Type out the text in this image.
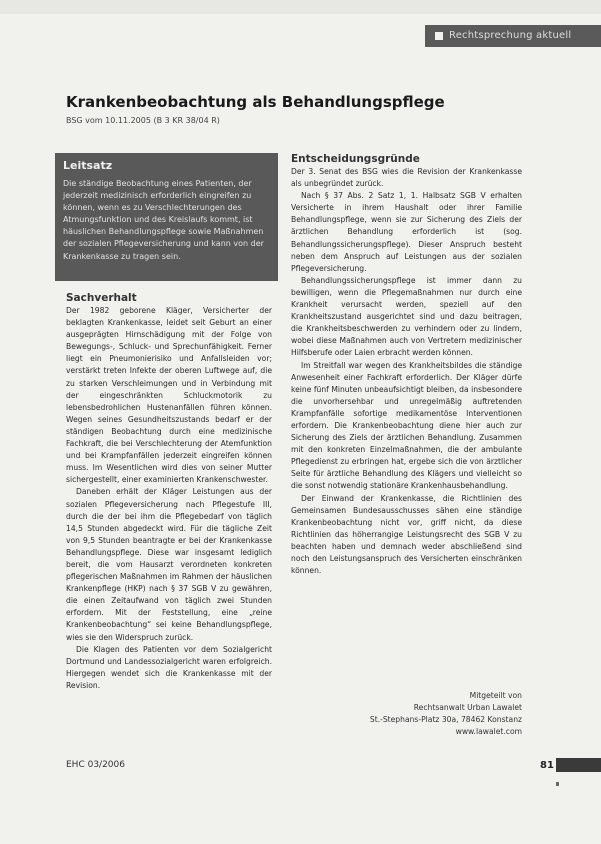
Rechtsprechung aktuell
Krankenbeobachtung als Behandlungspflege
BSG vom 10.11.2005 (B 3 KR 38/04 R)
Leitsatz

Die ständige Beobachtung eines Patienten, der jederzeit medizinisch erforderlich eingreifen zu können, wenn es zu Verschlechterungen des Atmungsfunktion und des Kreislaufs kommt, ist häuslichen Behandlungspflege sowie Maßnahmen der sozialen Pflegeversicherung und kann von der Krankenkasse zu tragen sein.

Sachverhalt

Der 1982 geborene Kläger, Versicherter der beklagten Krankenkasse, leidet seit Geburt an einer ausgeprägten Hirnschädigung mit der Folge von Bewegungs-, Schluck- und Sprechunfähigkeit. Ferner liegt ein Pneumonierisiko und Anfallsleiden vor; verstärkt treten Infekte der oberen Luftwege auf, die zu starken Verschleimungen und in Verbindung mit der eingeschränkten Schluckmotorik zu lebensbedrohlichen Hustenanfällen führen können. Wegen seines Gesundheitszustands bedarf er der ständigen Beobachtung durch eine medizinische Fachkraft, die bei Verschlechterung der Atemfunktion und bei Krampfanfällen jederzeit eingreifen können muss. Im Wesentlichen wird dies von seiner Mutter sichergestellt, einer examinierten Krankenschwester.

Daneben erhält der Kläger Leistungen aus der sozialen Pflegeversicherung nach Pflegestufe III, durch die der bei ihm die Pflegebedarf von täglich 14,5 Stunden abgedeckt wird. Für die tägliche Zeit von 9,5 Stunden beantragte er bei der Krankenkasse Behandlungspflege. Diese war insgesamt lediglich bereit, die vom Hausarzt verordneten konkreten pflegerischen Maßnahmen im Rahmen der häuslichen Krankenpflege (HKP) nach § 37 SGB V zu gewähren, die einen Zeitaufwand von täglich zwei Stunden erfordern. Mit der Feststellung, eine „reine Krankenbeobachtung“ sei keine Behandlungspflege, wies sie den Widerspruch zurück.

Die Klagen des Patienten vor dem Sozialgericht Dortmund und Landessozialgericht waren erfolgreich. Hiergegen wendet sich die Krankenkasse mit der Revision.

Entscheidungsgründe

Der 3. Senat des BSG wies die Revision der Krankenkasse als unbegründet zurück.

Nach § 37 Abs. 2 Satz 1, 1. Halbsatz SGB V erhalten Versicherte in ihrem Haushalt oder ihrer Familie Behandlungspflege, wenn sie zur Sicherung des Ziels der ärztlichen Behandlung erforderlich ist (sog. Behandlungssicherungspflege). Dieser Anspruch besteht neben dem Anspruch auf Leistungen aus der sozialen Pflegeversicherung.

Behandlungssicherungspflege ist immer dann zu bewilligen, wenn die Pflegemaßnahmen nur durch eine Krankheit verursacht werden, speziell auf den Krankheitszustand ausgerichtet sind und dazu beitragen, die Krankheitsbeschwerden zu verhindern oder zu lindern, wobei diese Maßnahmen auch von Vertretern medizinischer Hilfsberufe oder Laien erbracht werden können.

Im Streitfall war wegen des Krankheitsbildes die ständige Anwesenheit einer Fachkraft erforderlich. Der Kläger dürfe keine fünf Minuten unbeaufsichtigt bleiben, da insbesondere die unvorhersehbar und unregelmäßig auftretenden Krampfanfälle sofortige medikamentöse Interventionen erfordern. Die Krankenbeobachtung diene hier auch zur Sicherung des Ziels der ärztlichen Behandlung. Zusammen mit den konkreten Einzelmaßnahmen, die der ambulante Pflegedienst zu erbringen hat, ergebe sich die von ärztlicher Seite für ärztliche Behandlung des Klägers und vielleicht so die sonst notwendig stationäre Krankenhausbehandlung.

Der Einwand der Krankenkasse, die Richtlinien des Gemeinsamen Bundesausschusses sähen eine ständige Krankenbeobachtung nicht vor, griff nicht, da diese Richtlinien das höherrangige Leistungsrecht des SGB V zu beachten haben und demnach weder abschließend sind noch den Leistungsanspruch des Versicherten einschränken können.

Mitgeteilt von
Rechtsanwalt Urban Lawalet
St.-Stephans-Platz 30a, 78462 Konstanz
www.lawalet.com
EHC 03/2006	81
